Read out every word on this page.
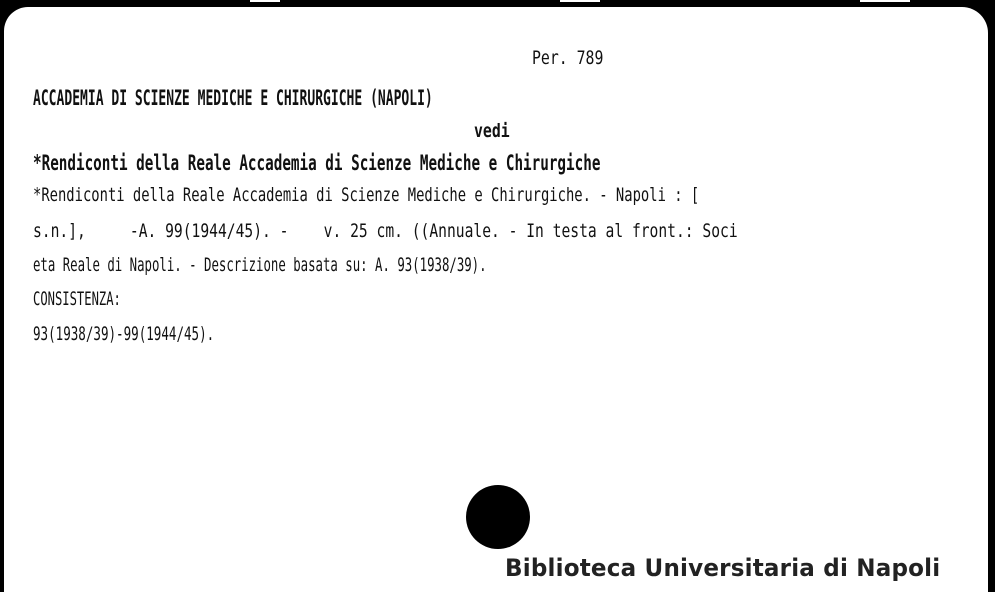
Per. 789

ACCADEMIA DI SCIENZE MEDICHE E CHIRURGICHE (NAPOLI)

vedi

*Rendiconti della Reale Accademia di Scienze Mediche e Chirurgiche

*Rendiconti della Reale Accademia di Scienze Mediche e Chirurgiche. - Napoli : [

s.n.],     -A. 99(1944/45). -    v. 25 cm. ((Annuale. - In testa al front.: Soci

eta Reale di Napoli. - Descrizione basata su: A. 93(1938/39).

CONSISTENZA:

93(1938/39)-99(1944/45).

Biblioteca Universitaria di Napoli
